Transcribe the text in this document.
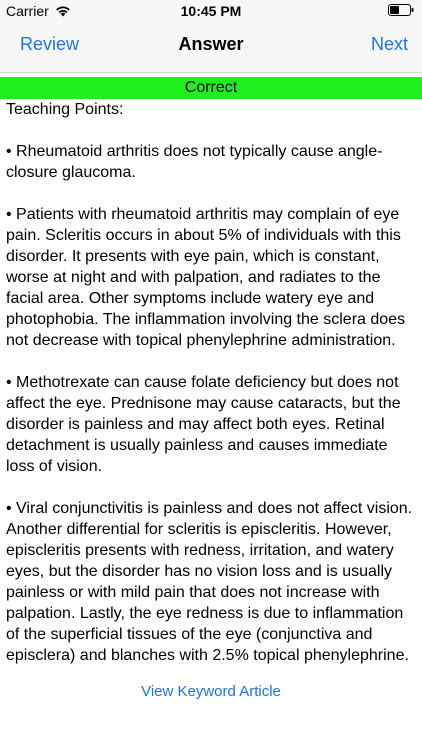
Carrier	10:45 PM
Review	Answer	Next
Correct

Teaching Points:

• Rheumatoid arthritis does not typically cause angle-closure glaucoma.

• Patients with rheumatoid arthritis may complain of eye pain. Scleritis occurs in about 5% of individuals with this disorder. It presents with eye pain, which is constant, worse at night and with palpation, and radiates to the facial area. Other symptoms include watery eye and photophobia. The inflammation involving the sclera does not decrease with topical phenylephrine administration.

• Methotrexate can cause folate deficiency but does not affect the eye. Prednisone may cause cataracts, but the disorder is painless and may affect both eyes. Retinal detachment is usually painless and causes immediate loss of vision.

• Viral conjunctivitis is painless and does not affect vision. Another differential for scleritis is episcleritis. However, episcleritis presents with redness, irritation, and watery eyes, but the disorder has no vision loss and is usually painless or with mild pain that does not increase with palpation. Lastly, the eye redness is due to inflammation of the superficial tissues of the eye (conjunctiva and episclera) and blanches with 2.5% topical phenylephrine.

View Keyword Article
